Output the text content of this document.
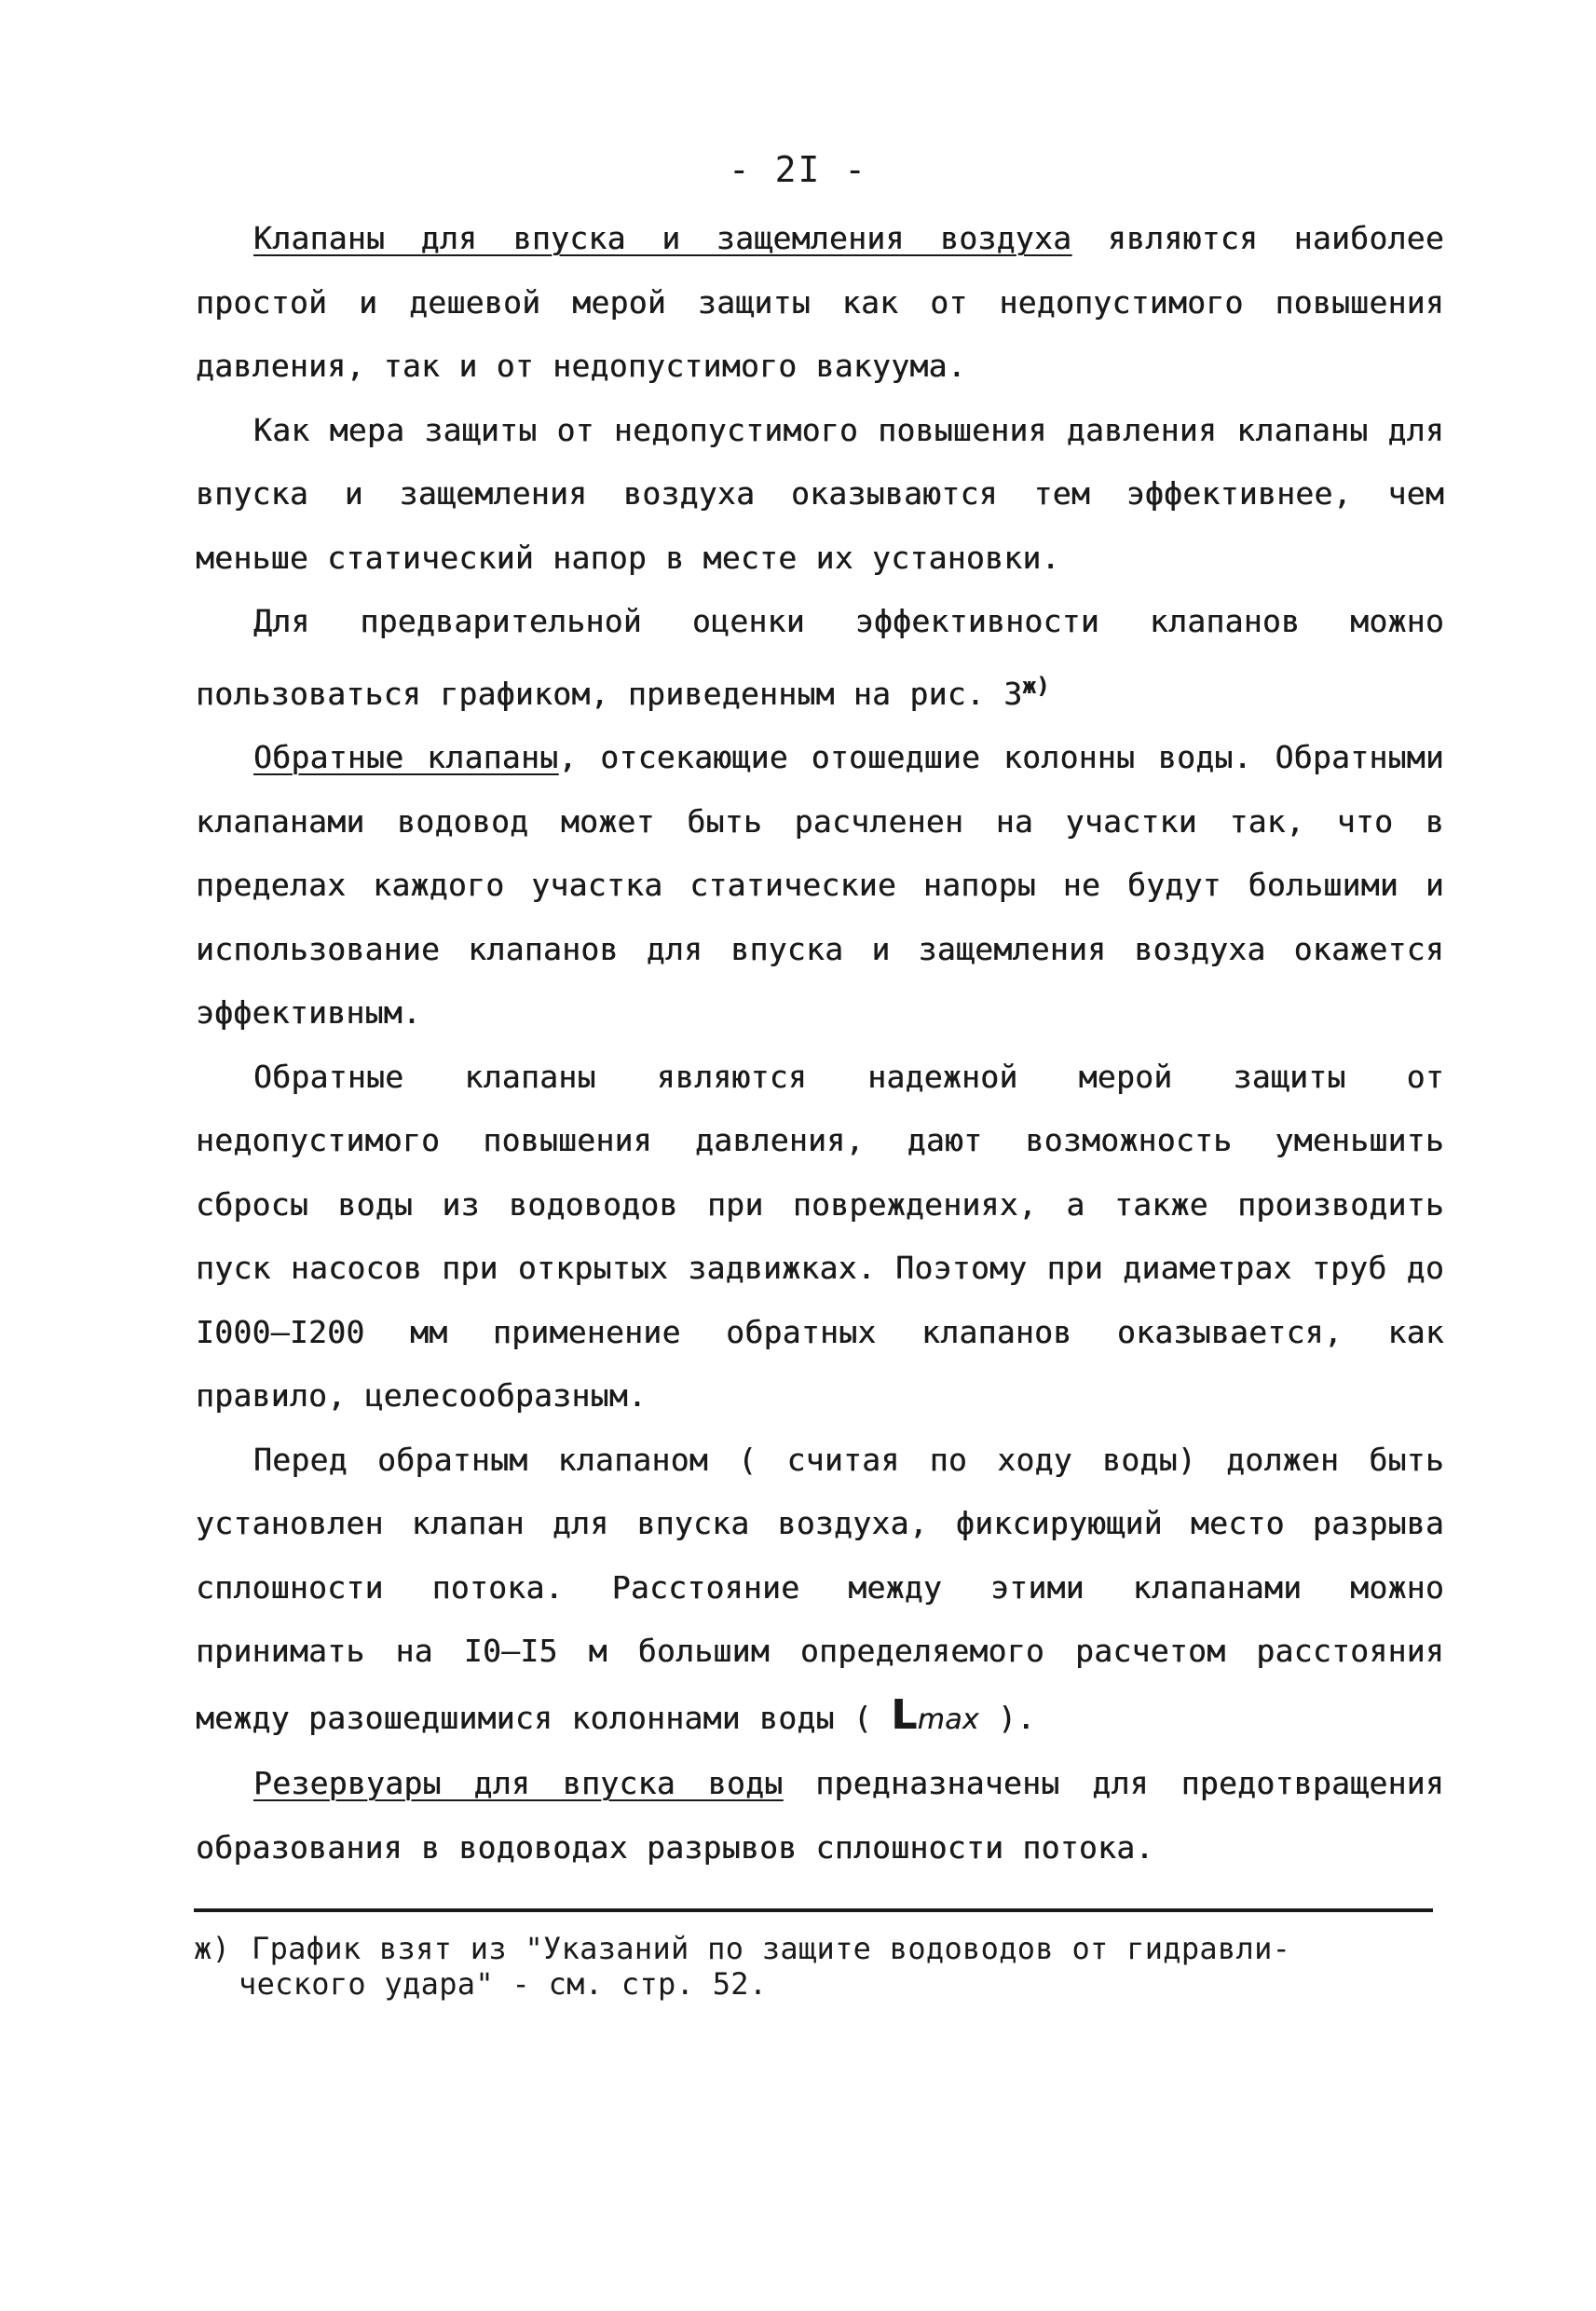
- 2I -

Клапаны для впуска и защемления воздуха являются наиболее простой и дешевой мерой защиты как от недопустимого повышения давления, так и от недопустимого вакуума.

Как мера защиты от недопустимого повышения давления клапаны для впуска и защемления воздуха оказываются тем эффективнее, чем меньше статический напор в месте их установки.

Для предварительной оценки эффективности клапанов можно пользоваться графиком, приведенным на рис. 3$^{ж)}$

Обратные клапаны, отсекающие отошедшие колонны воды. Обратными клапанами водовод может быть расчленен на участки так, что в пределах каждого участка статические напоры не будут большими и использование клапанов для впуска и защемления воздуха окажется эффективным.

Обратные клапаны являются надежной мерой защиты от недопустимого повышения давления, дают возможность уменьшить сбросы воды из водоводов при повреждениях, а также производить пуск насосов при открытых задвижках. Поэтому при диаметрах труб до I000–I200 мм применение обратных клапанов оказывается, как правило, целесообразным.

Перед обратным клапаном ( считая по ходу воды) должен быть установлен клапан для впуска воздуха, фиксирующий место разрыва сплошности потока. Расстояние между этими клапанами можно принимать на I0–I5 м большим определяемого расчетом расстояния между разошедшимися колоннами воды ( Lmax ).

Резервуары для впуска воды предназначены для предотвращения образования в водоводах разрывов сплошности потока.

ж) График взят из "Указаний по защите водоводов от гидравли-
ческого удара" - см. стр. 52.
